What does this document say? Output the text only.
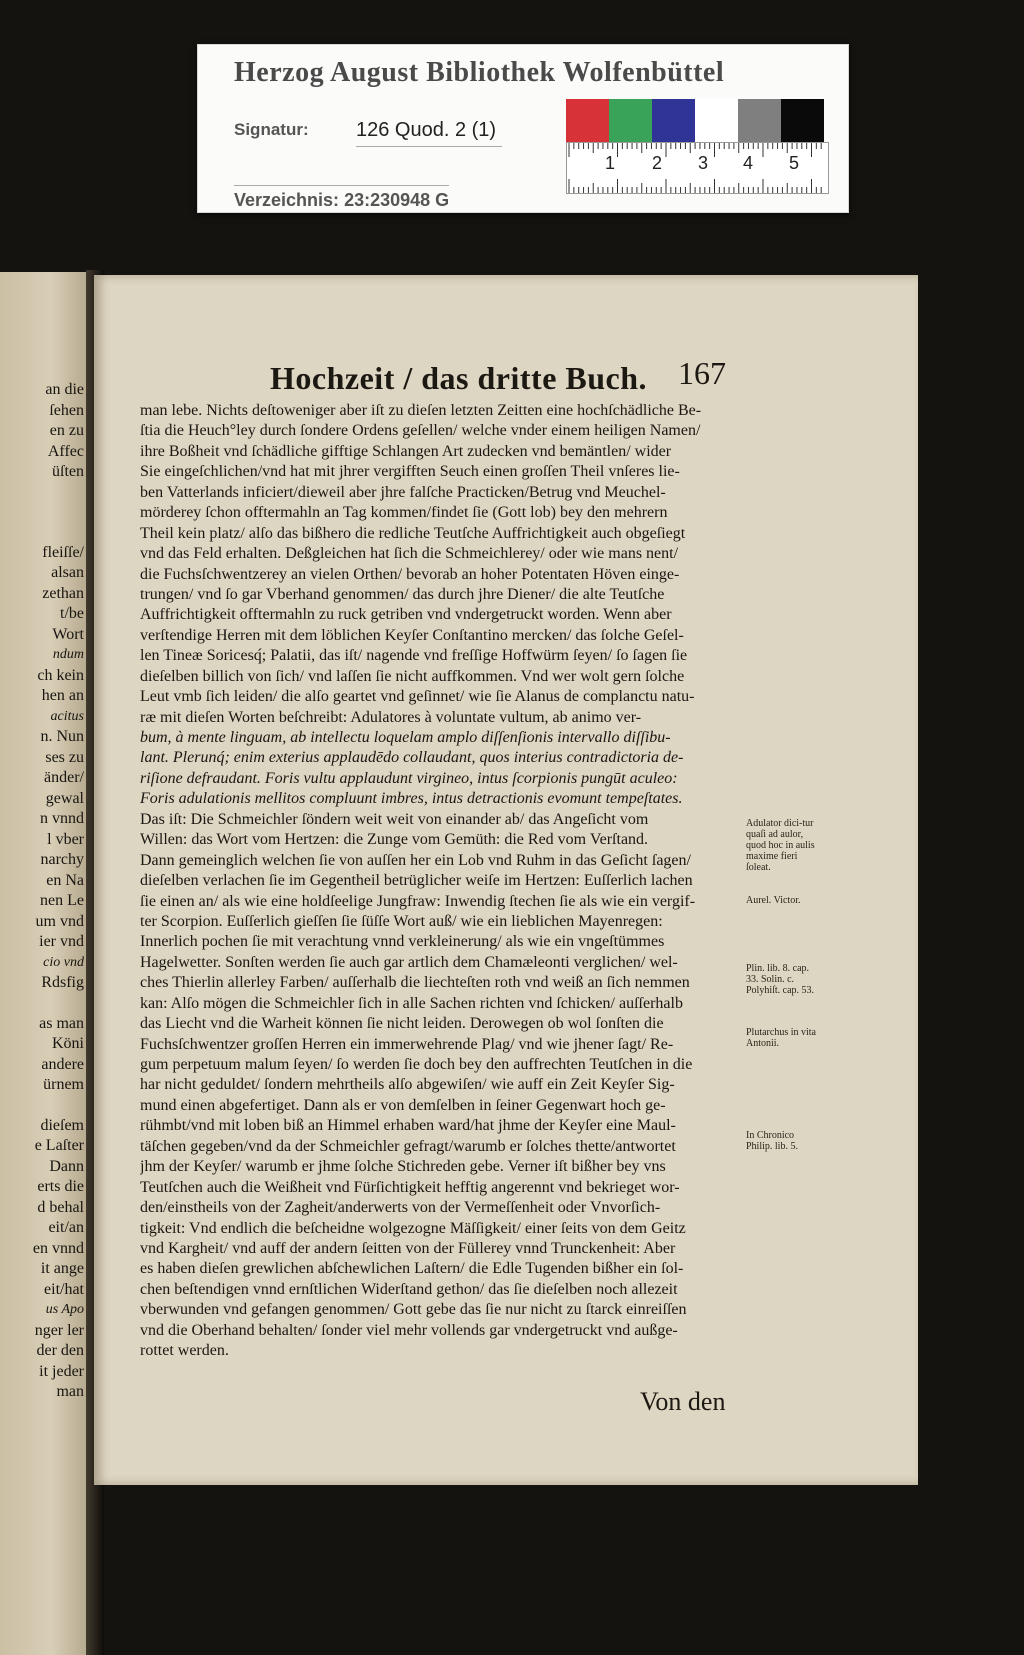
Herzog August Bibliothek Wolfenbüttel
Signatur: 126 Quod. 2 (1)
Verzeichnis: 23:230948 G
1 2 3 4 5
an die
ſehen
en zu
Affec
üſten
fleiſſe/
alsan
zethan
t/be
Wort
ndum
ch kein
hen an
acitus
n. Nun
ses zu
änder/
gewal
n vnnd
l vber
narchy
en Na
nen Le
um vnd
ier vnd
cio vnd
Rdsfig
as man
Köni
andere
ürnem
dieſem
e Laſter
Dann
erts die
d behal
eit/an
en vnnd
it ange
eit/hat
us Apo
nger ler
der den
it jeder
man
Hochzeit / das dritte Buch. 167
man lebe. Nichts deſtoweniger aber iſt zu dieſen letzten Zeitten eine hochſchädliche Be-
ſtia die Heuch°ley durch ſondere Ordens geſellen/ welche vnder einem heiligen Namen/
ihre Boßheit vnd ſchädliche gifftige Schlangen Art zudecken vnd bemäntlen/ wider
Sie eingeſchlichen/vnd hat mit jhrer vergifften Seuch einen groſſen Theil vnſeres lie-
ben Vatterlands inficiert/dieweil aber jhre falſche Practicken/Betrug vnd Meuchel-
mörderey ſchon offtermahln an Tag kommen/findet ſie (Gott lob) bey den mehrern
Theil kein platz/ alſo das bißhero die redliche Teutſche Auffrichtigkeit auch obgeſiegt
vnd das Feld erhalten. Deßgleichen hat ſich die Schmeichlerey/ oder wie mans nent/
die Fuchsſchwentzerey an vielen Orthen/ bevorab an hoher Potentaten Höven einge-
trungen/ vnd ſo gar Vberhand genommen/ das durch jhre Diener/ die alte Teutſche
Auffrichtigkeit offtermahln zu ruck getriben vnd vndergetruckt worden. Wenn aber
verſtendige Herren mit dem löblichen Keyſer Conſtantino mercken/ das ſolche Geſel-
len Tineæ Soricesq́; Palatii, das iſt/ nagende vnd freſſige Hoffwürm ſeyen/ ſo ſagen ſie
dieſelben billich von ſich/ vnd laſſen ſie nicht auffkommen. Vnd wer wolt gern ſolche
Leut vmb ſich leiden/ die alſo geartet vnd geſinnet/ wie ſie Alanus de complanctu natu-
ræ mit dieſen Worten beſchreibt: Adulatores à voluntate vultum, ab animo ver-
bum, à mente linguam, ab intellectu loquelam amplo diſſenſionis intervallo diſſibu-
lant. Plerunq́; enim exterius applaudēdo collaudant, quos interius contradictoria de-
riſione defraudant. Foris vultu applaudunt virgineo, intus ſcorpionis pungūt aculeo:
Foris adulationis mellitos compluunt imbres, intus detractionis evomunt tempeſtates.
Das iſt: Die Schmeichler ſöndern weit weit von einander ab/ das Angeſicht vom
Willen: das Wort vom Hertzen: die Zunge vom Gemüth: die Red vom Verſtand.
Dann gemeinglich welchen ſie von auſſen her ein Lob vnd Ruhm in das Geſicht ſagen/
dieſelben verlachen ſie im Gegentheil betrüglicher weiſe im Hertzen: Euſſerlich lachen
ſie einen an/ als wie eine holdſeelige Jungfraw: Inwendig ſtechen ſie als wie ein vergif-
ter Scorpion. Euſſerlich gieſſen ſie ſüſſe Wort auß/ wie ein lieblichen Mayenregen:
Innerlich pochen ſie mit verachtung vnnd verkleinerung/ als wie ein vngeſtümmes
Hagelwetter. Sonſten werden ſie auch gar artlich dem Chamæleonti verglichen/ wel-
ches Thierlin allerley Farben/ auſſerhalb die liechteſten roth vnd weiß an ſich nemmen
kan: Alſo mögen die Schmeichler ſich in alle Sachen richten vnd ſchicken/ auſſerhalb
das Liecht vnd die Warheit können ſie nicht leiden. Derowegen ob wol ſonſten die
Fuchsſchwentzer groſſen Herren ein immerwehrende Plag/ vnd wie jhener ſagt/ Re-
gum perpetuum malum ſeyen/ ſo werden ſie doch bey den auffrechten Teutſchen in die
har nicht geduldet/ ſondern mehrtheils alſo abgewiſen/ wie auff ein Zeit Keyſer Sig-
mund einen abgefertiget. Dann als er von demſelben in ſeiner Gegenwart hoch ge-
rühmbt/vnd mit loben biß an Himmel erhaben ward/hat jhme der Keyſer eine Maul-
täſchen gegeben/vnd da der Schmeichler gefragt/warumb er ſolches thette/antwortet
jhm der Keyſer/ warumb er jhme ſolche Stichreden gebe. Verner iſt bißher bey vns
Teutſchen auch die Weißheit vnd Fürſichtigkeit hefftig angerennt vnd bekrieget wor-
den/einstheils von der Zagheit/anderwerts von der Vermeſſenheit oder Vnvorſich-
tigkeit: Vnd endlich die beſcheidne wolgezogne Mäſſigkeit/ einer ſeits von dem Geitz
vnd Kargheit/ vnd auff der andern ſeitten von der Füllerey vnnd Trunckenheit: Aber
es haben dieſen grewlichen abſchewlichen Laſtern/ die Edle Tugenden bißher ein ſol-
chen beſtendigen vnnd ernſtlichen Widerſtand gethon/ das ſie dieſelben noch allezeit
vberwunden vnd gefangen genommen/ Gott gebe das ſie nur nicht zu ſtarck einreiſſen
vnd die Oberhand behalten/ ſonder viel mehr vollends gar vndergetruckt vnd außge-
rottet werden.
Adulator dici-tur quaſi ad aulor, quod hoc in aulis maxime fieri ſoleat.
Aurel. Victor.
Plin. lib. 8. cap. 33. Solin. c. Polyhiſt. cap. 53.
Plutarchus in vita Antonii.
In Chronico Philip. lib. 5.
Von den
